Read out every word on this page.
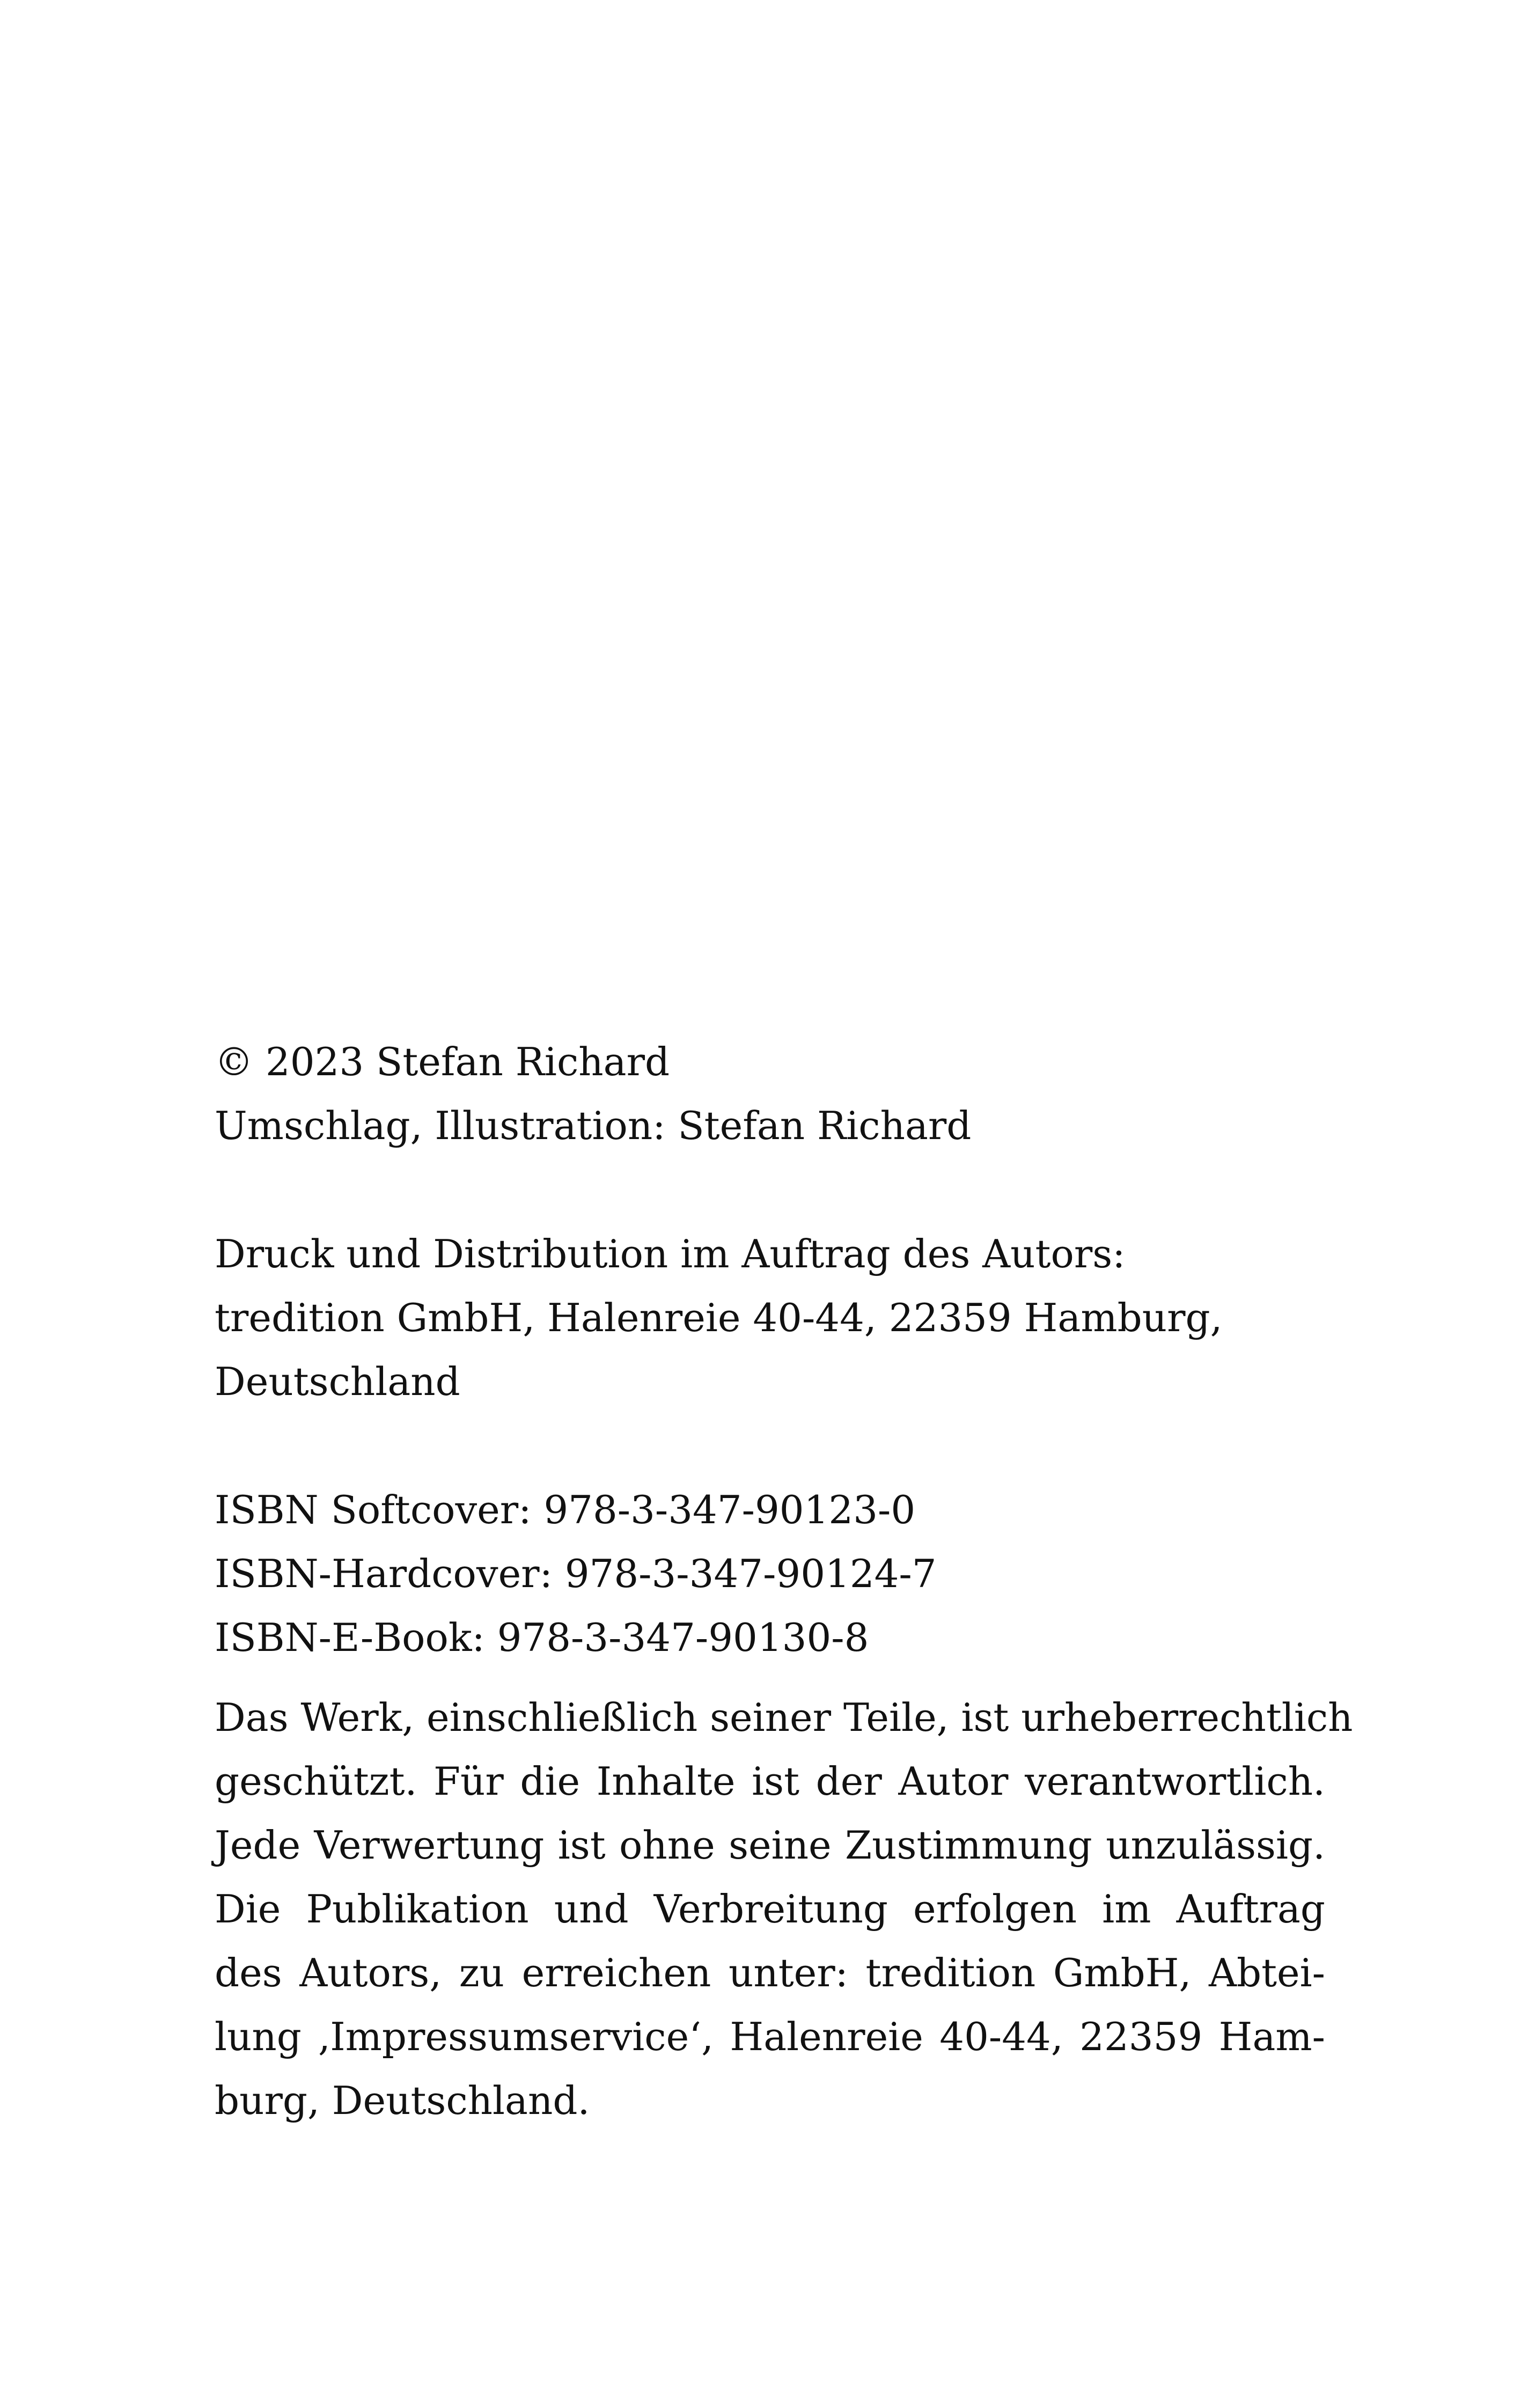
© 2023 Stefan Richard
Umschlag, Illustration: Stefan Richard
Druck und Distribution im Auftrag des Autors:
tredition GmbH, Halenreie 40-44, 22359 Hamburg,
Deutschland
ISBN Softcover: 978-3-347-90123-0
ISBN-Hardcover: 978-3-347-90124-7
ISBN-E-Book: 978-3-347-90130-8
Das Werk, einschließlich seiner Teile, ist urheberrechtlich
geschützt. Für die Inhalte ist der Autor verantwortlich.
Jede Verwertung ist ohne seine Zustimmung unzulässig.
Die Publikation und Verbreitung erfolgen im Auftrag
des Autors, zu erreichen unter: tredition GmbH, Abtei-
lung ‚Impressumservice‘, Halenreie 40-44, 22359 Ham-
burg, Deutschland.
